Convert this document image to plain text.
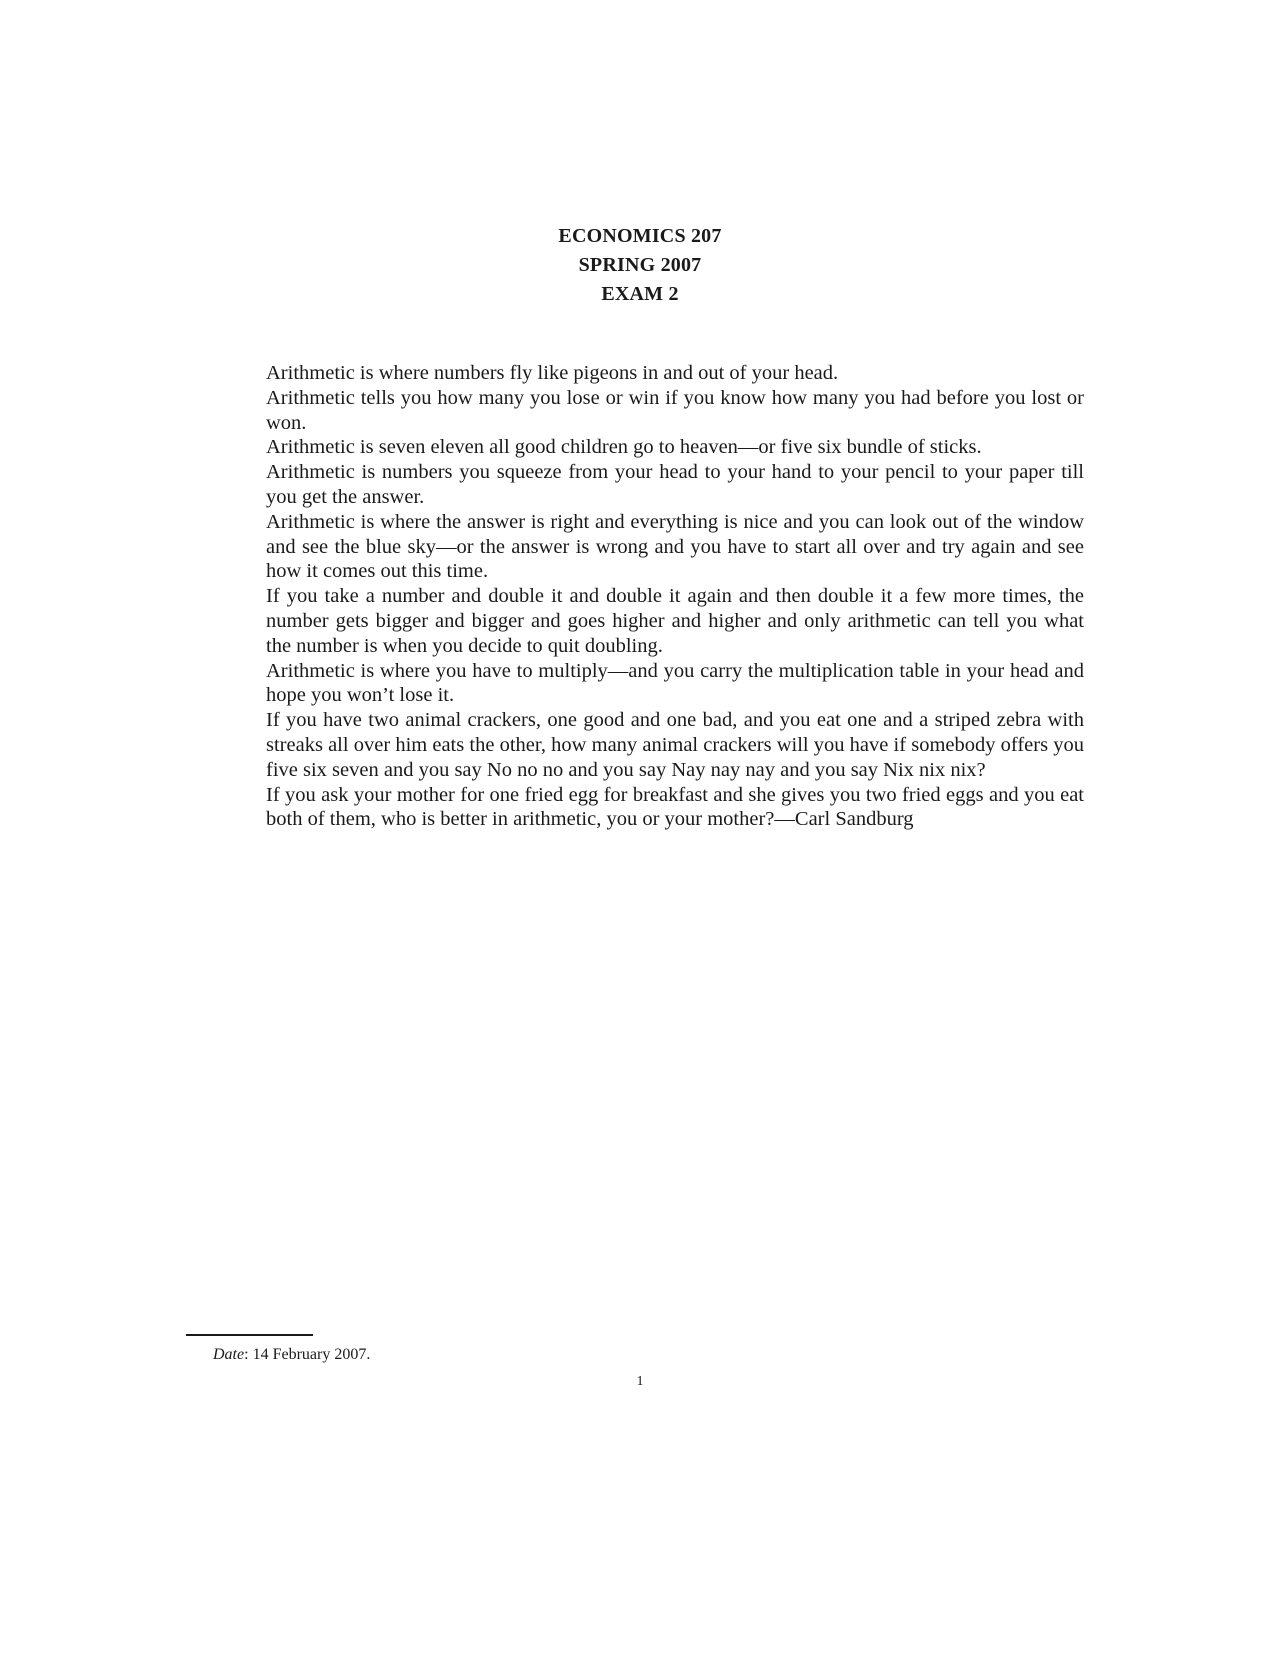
ECONOMICS 207
SPRING 2007
EXAM 2

Arithmetic is where numbers fly like pigeons in and out of your head.

Arithmetic tells you how many you lose or win if you know how many you had before you lost or won.

Arithmetic is seven eleven all good children go to heaven—or five six bundle of sticks.

Arithmetic is numbers you squeeze from your head to your hand to your pencil to your paper till you get the answer.

Arithmetic is where the answer is right and everything is nice and you can look out of the window and see the blue sky—or the answer is wrong and you have to start all over and try again and see how it comes out this time.

If you take a number and double it and double it again and then double it a few more times, the number gets bigger and bigger and goes higher and higher and only arithmetic can tell you what the number is when you decide to quit doubling.

Arithmetic is where you have to multiply—and you carry the multiplication table in your head and hope you won’t lose it.

If you have two animal crackers, one good and one bad, and you eat one and a striped zebra with streaks all over him eats the other, how many animal crackers will you have if somebody offers you five six seven and you say No no no and you say Nay nay nay and you say Nix nix nix?

If you ask your mother for one fried egg for breakfast and she gives you two fried eggs and you eat both of them, who is better in arithmetic, you or your mother?—Carl Sandburg

Date: 14 February 2007.
1
